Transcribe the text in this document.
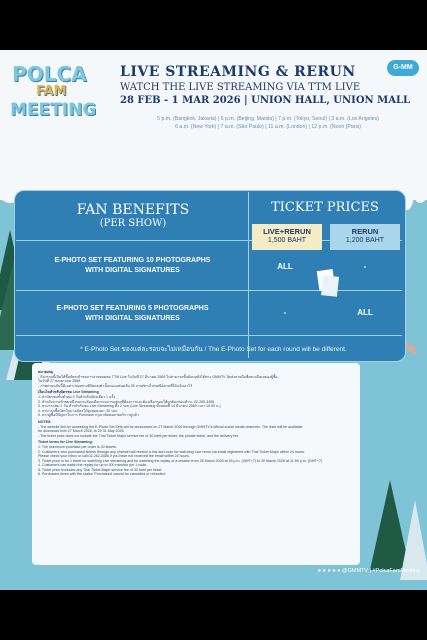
POLCA
FAM
MEETING
G-MM
LIVE STREAMING & RERUN
WATCH THE LIVE STREAMING VIA TTM LIVE
28 FEB - 1 MAR 2026 | UNION HALL, UNION MALL
5 p.m. (Bangkok, Jakarta) | 6 p.m. (Beijing, Manila) | 7 p.m. (Tokyo, Seoul) | 3 a.m. (Los Angeles)
6 a.m. (New York) | 7 a.m. (São Paulo) | 11 a.m. (London) | 12 p.m. (Noon (Paris)
FAN BENEFITS
(PER SHOW)
TICKET PRICES
LIVE+RERUN
1,500 BAHT
RERUN
1,200 BAHT
E-PHOTO SET FEATURING 10 PHOTOGRAPHS
WITH DIGITAL SIGNATURES	ALL	-
E-PHOTO SET FEATURING 5 PHOTOGRAPHS
WITH DIGITAL SIGNATURES
-	ALL
* E-Photo Set ของแต่ละรอบจะไม่เหมือนกัน / The E-Photo Set for each round will be different.

หมายเหตุ

- กิจกรรมนี้เปิดให้ซื้อบัตรเข้าชมการถ่ายทอดสด TTM Live ในวันที่ 27 มีนาคม 2569 ไม่สามารถซื้อย้อนหลังได้ทาง GMMTV จัดส่งลายมือชื่อทางอีเมลของผู้ซื้อ

ในวันที่ 27 พฤษภาคม 2569

- ภาพถ่ายฉบับนี้มีเฉพาะช่องทางดิจิตอลเท่านั้นของแฟนคลับ 30 ภาพ/ทางไปรษณีย์ตามที่ได้แจ้งเอาไว้

เงื่อนไขสำหรับบัตรชม Live Streaming

1. ค่าบัตรชมขั้นต่ำสุด 3 วันสำหรับบัตรเดียว 1 ครั้ง

2. สำหรับการเข้าชมหนึ่งรอบจะต้องเลือกรอบการแสดงที่ต้องการและต้องเลือกรอบให้ถูกต้องก่อนชำระ 02-285-3456

3. สามารถชม 1 วัน สำหรับรับชม Live Streaming ทั้ง 2 รอบ (Live Streaming ทั้งหมดที่ 14 มีนาคม 2569 เวลา 10:00 น.)

4. สามารถซื้อบัตรในนามบัตรได้สูงสุดคนละ 30 รอบ

5. หากผู้ซื้อมีปัญหาในการ Purchase กรุณาติดต่อฝ่ายบริการลูกค้า

NOTES:

- The website link for accessing the E-Photo Set Sets will be announced on 27 March 2026 through GMMTV's official social media channels. The links will be available

for download from 27 March 2026, to 20 31 May 2026.

- The ticket price does not include the Thai Ticket Major service fee of 30 baht per ticket, the private ticket, and the delivery fee.

Ticket terms for Live Streaming:

1. The maximum purchase per order is 30 tickets.

2. Customers who purchased tickets through any channel will receive a link and code for watching Live verse via email registered with Thai Ticket Major within 24 hours.

Please check your inbox or call 02-262-3456 if you have not received the email within 24 hours.

3. Ticket price is for 1 ticket for watching Live streaming and for watching the replay of a session from 28 March 2026 at 18 p.m. (GMT+7) to 30 March 2026 at 11:59 p.m. (GMT+7)

4. Customers can watch the replay for up to 300 minutes per 1 code.

5. Ticket price excludes any Thai Ticket Major service fee of 30 baht per ticket.

6. Purchased items with the status 'Purchased' cannot be cancelled or refunded.

● ● ● ● ● @GMMTV | #PolcaFamMeeting
